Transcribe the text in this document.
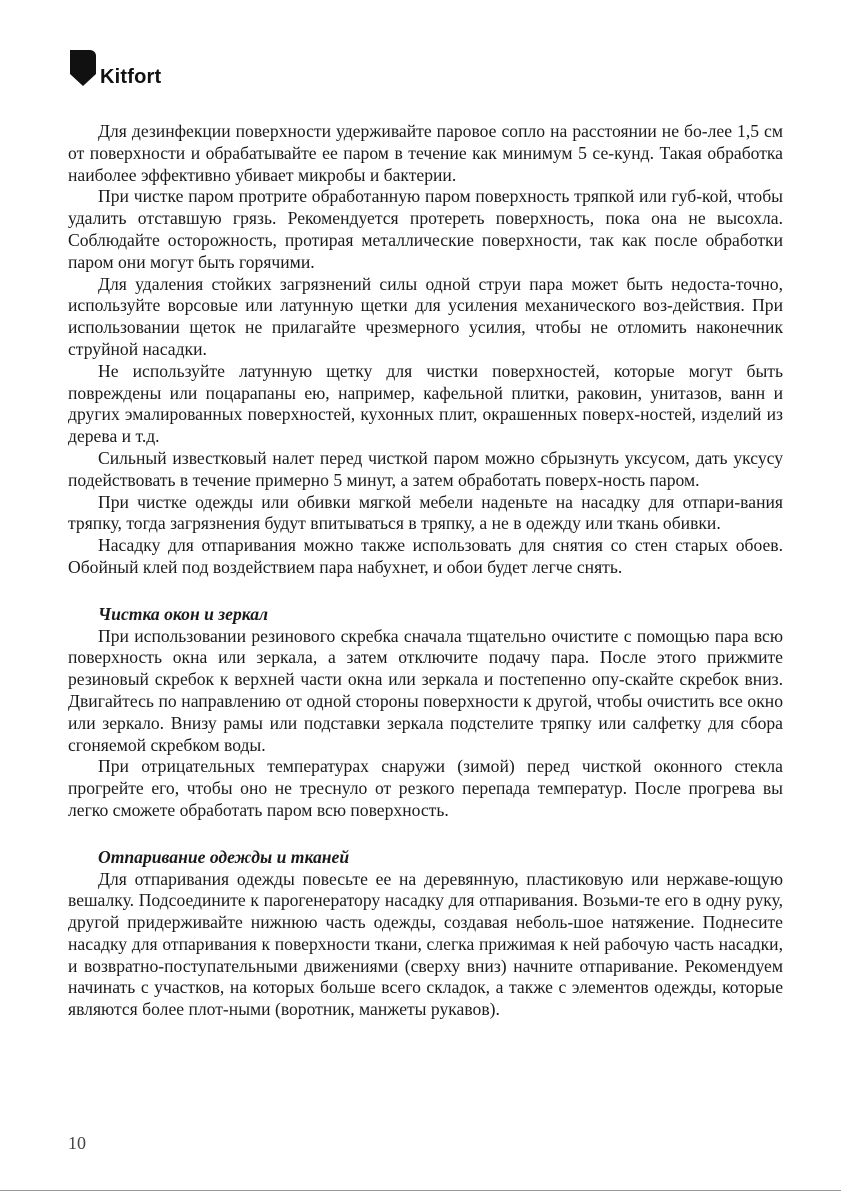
Kitfort

Для дезинфекции поверхности удерживайте паровое сопло на расстоянии не бо-лее 1,5 см от поверхности и обрабатывайте ее паром в течение как минимум 5 се-кунд. Такая обработка наиболее эффективно убивает микробы и бактерии.

При чистке паром протрите обработанную паром поверхность тряпкой или губ-кой, чтобы удалить отставшую грязь. Рекомендуется протереть поверхность, пока она не высохла. Соблюдайте осторожность, протирая металлические поверхности, так как после обработки паром они могут быть горячими.

Для удаления стойких загрязнений силы одной струи пара может быть недоста-точно, используйте ворсовые или латунную щетки для усиления механического воз-действия. При использовании щеток не прилагайте чрезмерного усилия, чтобы не отломить наконечник струйной насадки.

Не используйте латунную щетку для чистки поверхностей, которые могут быть повреждены или поцарапаны ею, например, кафельной плитки, раковин, унитазов, ванн и других эмалированных поверхностей, кухонных плит, окрашенных поверх-ностей, изделий из дерева и т.д.

Сильный известковый налет перед чисткой паром можно сбрызнуть уксусом, дать уксусу подействовать в течение примерно 5 минут, а затем обработать поверх-ность паром.

При чистке одежды или обивки мягкой мебели наденьте на насадку для отпари-вания тряпку, тогда загрязнения будут впитываться в тряпку, а не в одежду или ткань обивки.

Насадку для отпаривания можно также использовать для снятия со стен старых обоев. Обойный клей под воздействием пара набухнет, и обои будет легче снять.

Чистка окон и зеркал

При использовании резинового скребка сначала тщательно очистите с помощью пара всю поверхность окна или зеркала, а затем отключите подачу пара. После этого прижмите резиновый скребок к верхней части окна или зеркала и постепенно опу-скайте скребок вниз. Двигайтесь по направлению от одной стороны поверхности к другой, чтобы очистить все окно или зеркало. Внизу рамы или подставки зеркала подстелите тряпку или салфетку для сбора сгоняемой скребком воды.

При отрицательных температурах снаружи (зимой) перед чисткой оконного стекла прогрейте его, чтобы оно не треснуло от резкого перепада температур. После прогрева вы легко сможете обработать паром всю поверхность.

Отпаривание одежды и тканей

Для отпаривания одежды повесьте ее на деревянную, пластиковую или нержаве-ющую вешалку. Подсоедините к парогенератору насадку для отпаривания. Возьми-те его в одну руку, другой придерживайте нижнюю часть одежды, создавая неболь-шое натяжение. Поднесите насадку для отпаривания к поверхности ткани, слегка прижимая к ней рабочую часть насадки, и возвратно-поступательными движениями (сверху вниз) начните отпаривание. Рекомендуем начинать с участков, на которых больше всего складок, а также с элементов одежды, которые являются более плот-ными (воротник, манжеты рукавов).

10
